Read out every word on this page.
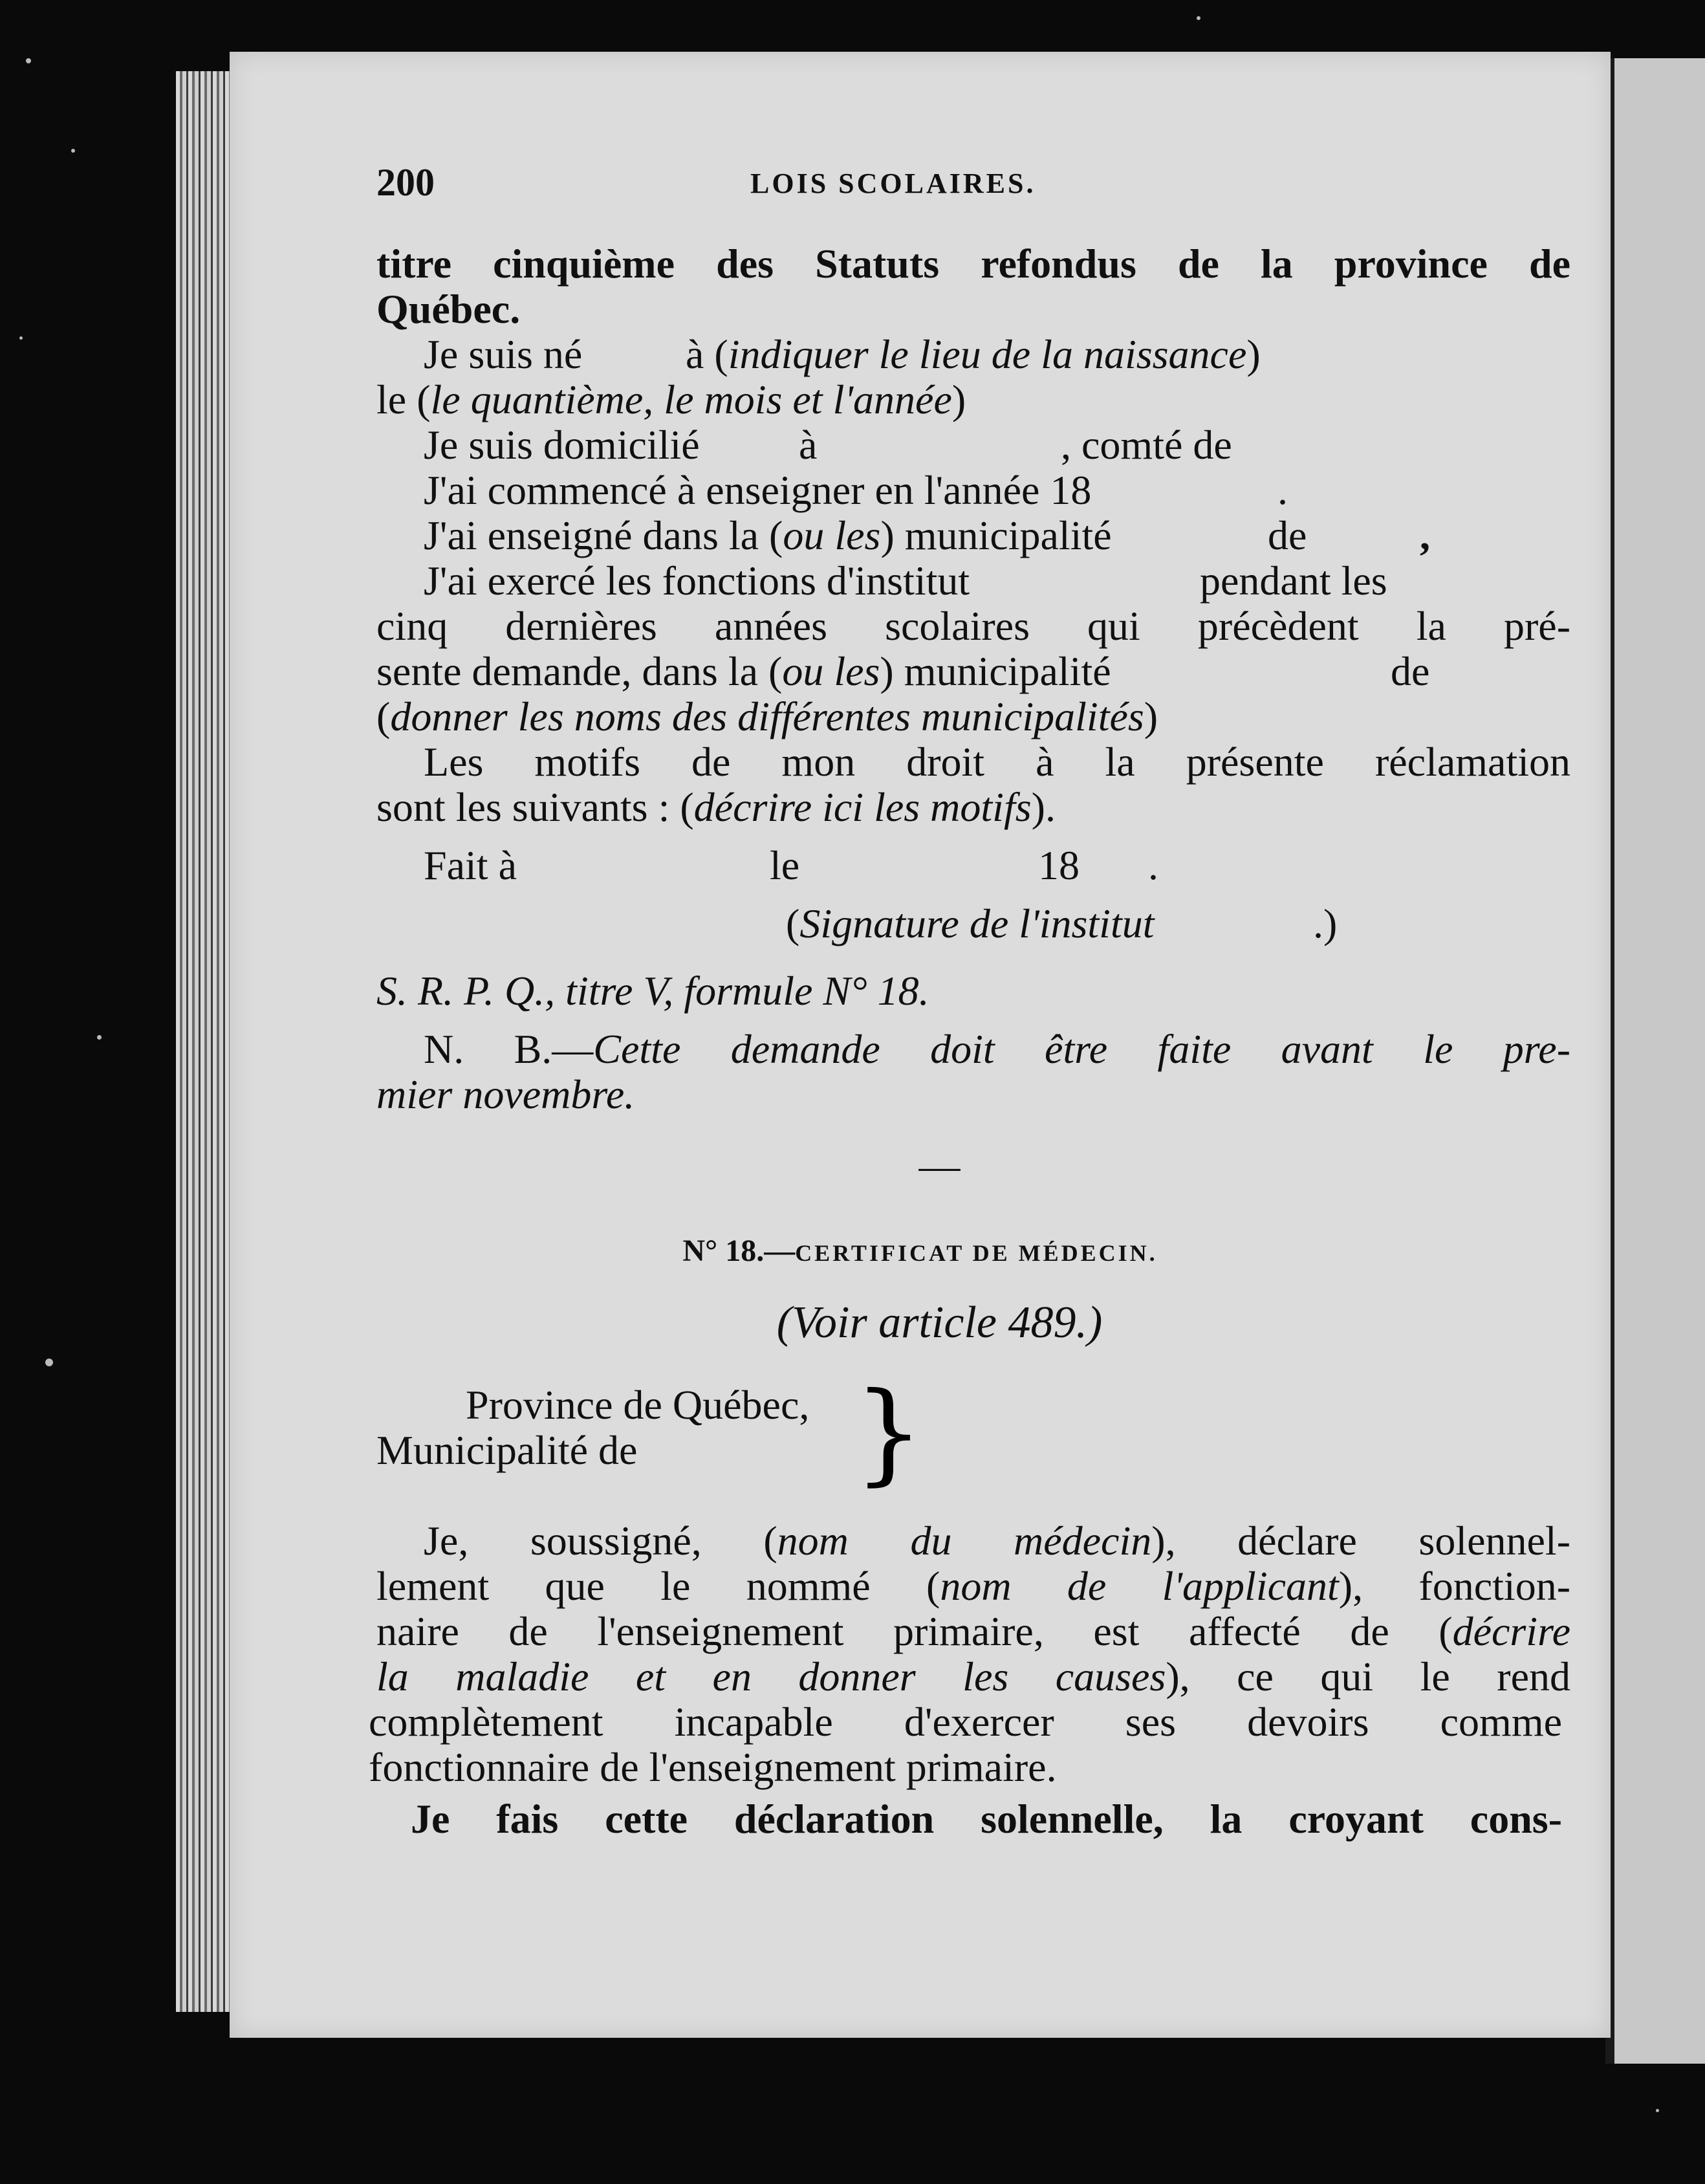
200	LOIS SCOLAIRES.
titre cinquième des Statuts refondus de la province de
Québec.
Je suis né à (indiquer le lieu de la naissance)
le (le quantième, le mois et l'année)
Je suis domicilié à	, comté de
J'ai commencé à enseigner en l'année 18	.
J'ai enseigné dans la (ou les) municipalité	de	,
J'ai exercé les fonctions d'institut	pendant les
cinq dernières années scolaires qui précèdent la pré-
sente demande, dans la (ou les) municipalité	de
(donner les noms des différentes municipalités)
Les motifs de mon droit à la présente réclamation
sont les suivants : (décrire ici les motifs).
Fait à	le	18 .
(Signature de l'institut	.)
S. R. P. Q., titre V, formule N° 18.
N. B.—Cette demande doit être faite avant le pre-
mier novembre.
—
N° 18.—CERTIFICAT DE MÉDECIN.
(Voir article 489.)
Province de Québec,
Municipalité de	}
Je, soussigné, (nom du médecin), déclare solennel-
lement que le nommé (nom de l'applicant), fonction-
naire de l'enseignement primaire, est affecté de (décrire
la maladie et en donner les causes), ce qui le rend
complètement incapable d'exercer ses devoirs comme
fonctionnaire de l'enseignement primaire.
Je fais cette déclaration solennelle, la croyant cons-
